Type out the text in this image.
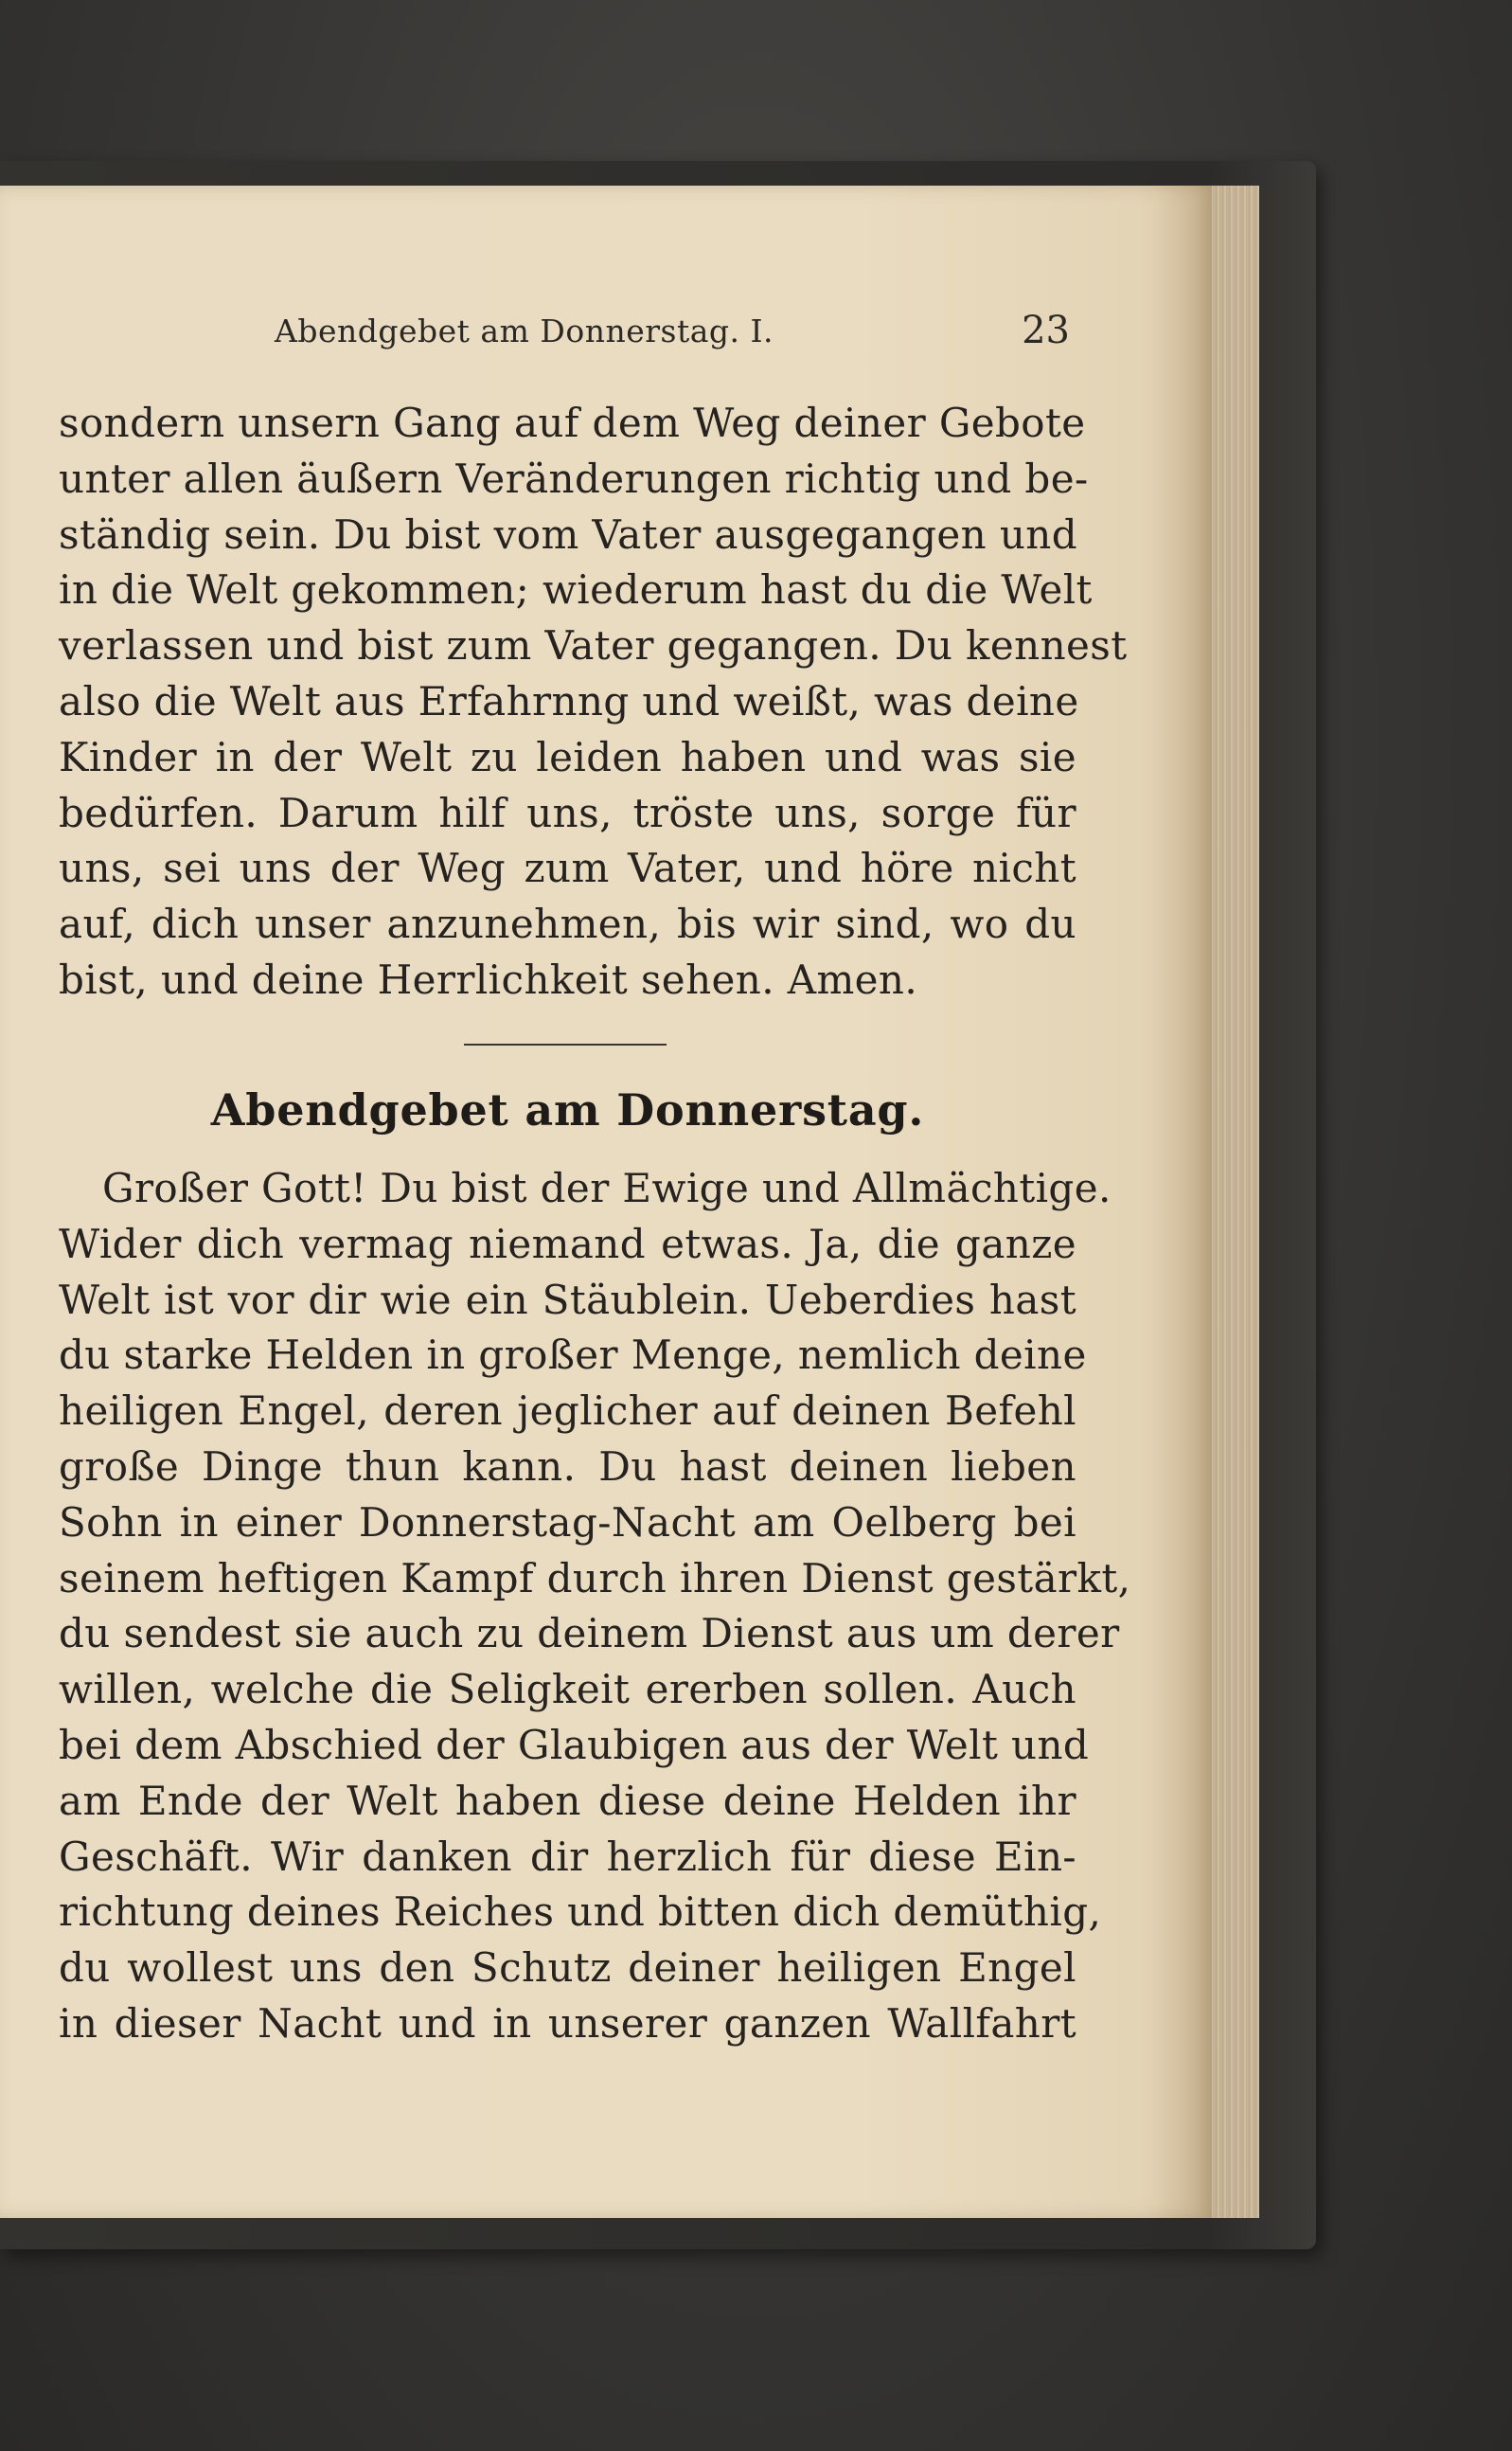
Abendgebet am Donnerstag. I.	23
sondern unsern Gang auf dem Weg deiner Gebote
unter allen äußern Veränderungen richtig und be-
ständig sein. Du bist vom Vater ausgegangen und
in die Welt gekommen; wiederum hast du die Welt
verlassen und bist zum Vater gegangen. Du kennest
also die Welt aus Erfahrnng und weißt, was deine
Kinder in der Welt zu leiden haben und was sie
bedürfen. Darum hilf uns, tröste uns, sorge für
uns, sei uns der Weg zum Vater, und höre nicht
auf, dich unser anzunehmen, bis wir sind, wo du
bist, und deine Herrlichkeit sehen. Amen.
Abendgebet am Donnerstag.
Großer Gott! Du bist der Ewige und Allmächtige.
Wider dich vermag niemand etwas. Ja, die ganze
Welt ist vor dir wie ein Stäublein. Ueberdies hast
du starke Helden in großer Menge, nemlich deine
heiligen Engel, deren jeglicher auf deinen Befehl
große Dinge thun kann. Du hast deinen lieben
Sohn in einer Donnerstag-Nacht am Oelberg bei
seinem heftigen Kampf durch ihren Dienst gestärkt,
du sendest sie auch zu deinem Dienst aus um derer
willen, welche die Seligkeit ererben sollen. Auch
bei dem Abschied der Glaubigen aus der Welt und
am Ende der Welt haben diese deine Helden ihr
Geschäft. Wir danken dir herzlich für diese Ein-
richtung deines Reiches und bitten dich demüthig,
du wollest uns den Schutz deiner heiligen Engel
in dieser Nacht und in unserer ganzen Wallfahrt
